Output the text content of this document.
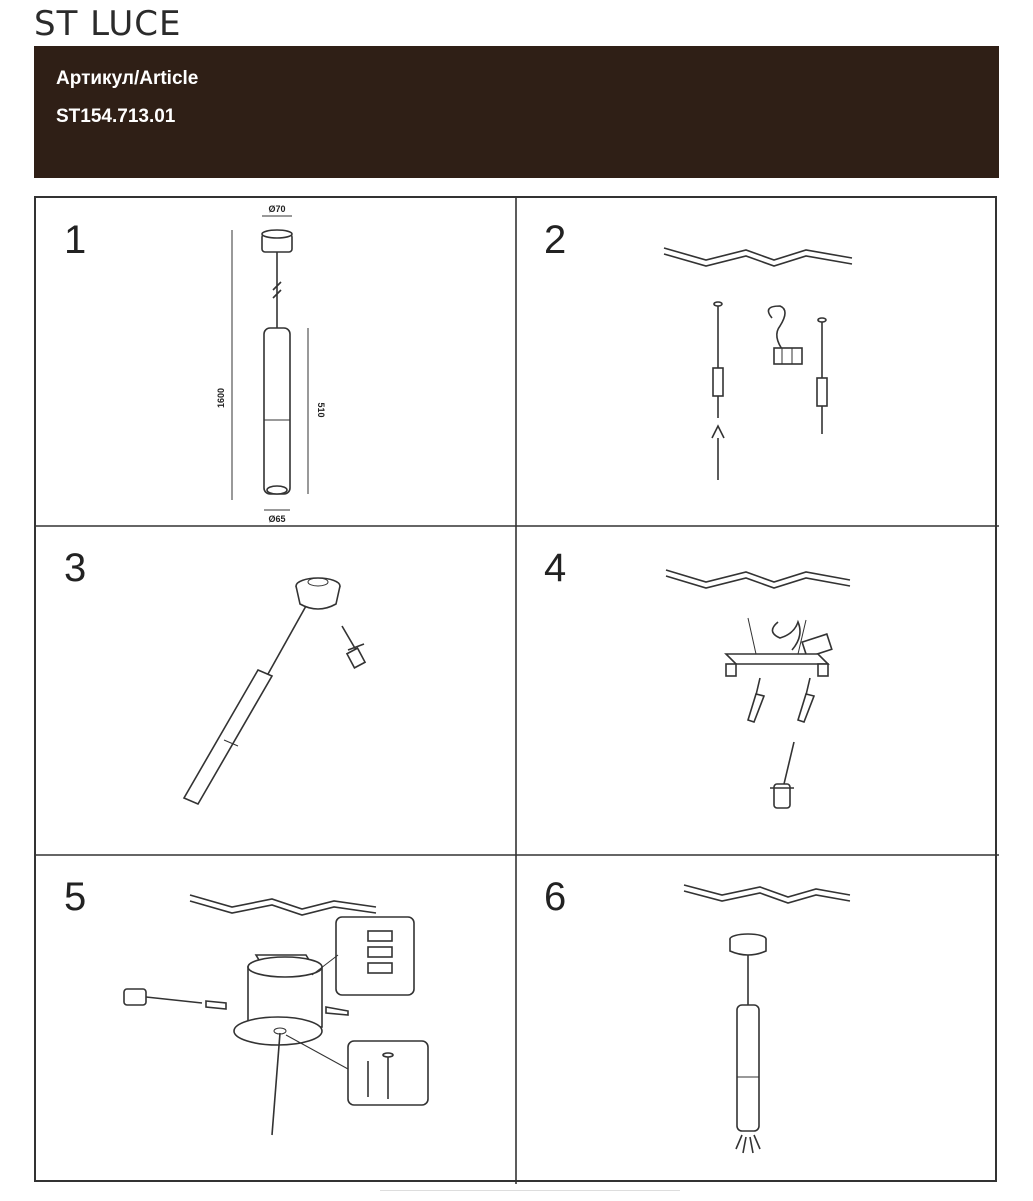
ST LUCE
Артикул/Article
ST154.713.01
1
Ø70
Ø65
1600
510
2
3	4
5	6
